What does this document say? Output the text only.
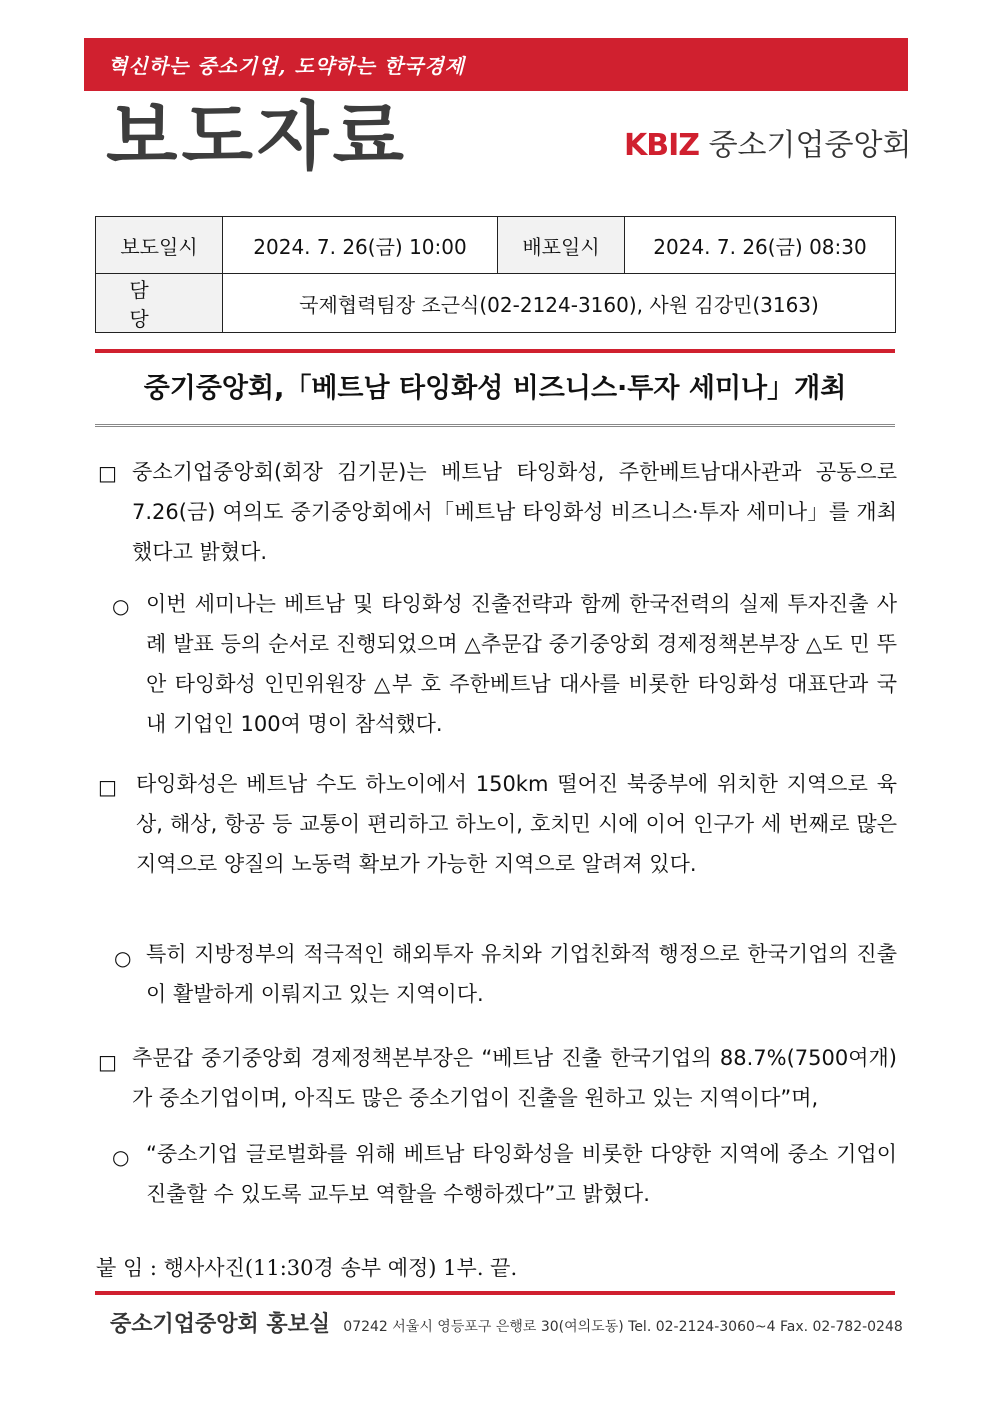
혁신하는 중소기업, 도약하는 한국경제
보도자료	KBIZ 중소기업중앙회
보도일시	2024. 7. 26(금) 10:00	배포일시	2024. 7. 26(금) 08:30
담 당	국제협력팀장 조근식(02-2124-3160), 사원 김강민(3163)		
중기중앙회,「베트남 타잉화성 비즈니스·투자 세미나」개최
□ 중소기업중앙회(회장 김기문)는 베트남 타잉화성, 주한베트남대사관과 공동으로 7.26(금) 여의도 중기중앙회에서「베트남 타잉화성 비즈니스·투자 세미나」를 개최했다고 밝혔다.
○ 이번 세미나는 베트남 및 타잉화성 진출전략과 함께 한국전력의 실제 투자진출 사례 발표 등의 순서로 진행되었으며 △추문갑 중기중앙회 경제정책본부장 △도 민 뚜안 타잉화성 인민위원장 △부 호 주한베트남 대사를 비롯한 타잉화성 대표단과 국내 기업인 100여 명이 참석했다.
□ 타잉화성은 베트남 수도 하노이에서 150km 떨어진 북중부에 위치한 지역으로 육상, 해상, 항공 등 교통이 편리하고 하노이, 호치민 시에 이어 인구가 세 번째로 많은 지역으로 양질의 노동력 확보가 가능한 지역으로 알려져 있다.
○ 특히 지방정부의 적극적인 해외투자 유치와 기업친화적 행정으로 한국기업의 진출이 활발하게 이뤄지고 있는 지역이다.
□ 추문갑 중기중앙회 경제정책본부장은 “베트남 진출 한국기업의 88.7%(7500여개)가 중소기업이며, 아직도 많은 중소기업이 진출을 원하고 있는 지역이다”며,
○ “중소기업 글로벌화를 위해 베트남 타잉화성을 비롯한 다양한 지역에 중소 기업이 진출할 수 있도록 교두보 역할을 수행하겠다”고 밝혔다.
붙 임 : 행사사진(11:30경 송부 예정) 1부. 끝.
중소기업중앙회 홍보실 07242 서울시 영등포구 은행로 30(여의도동) Tel. 02-2124-3060~4 Fax. 02-782-0248
